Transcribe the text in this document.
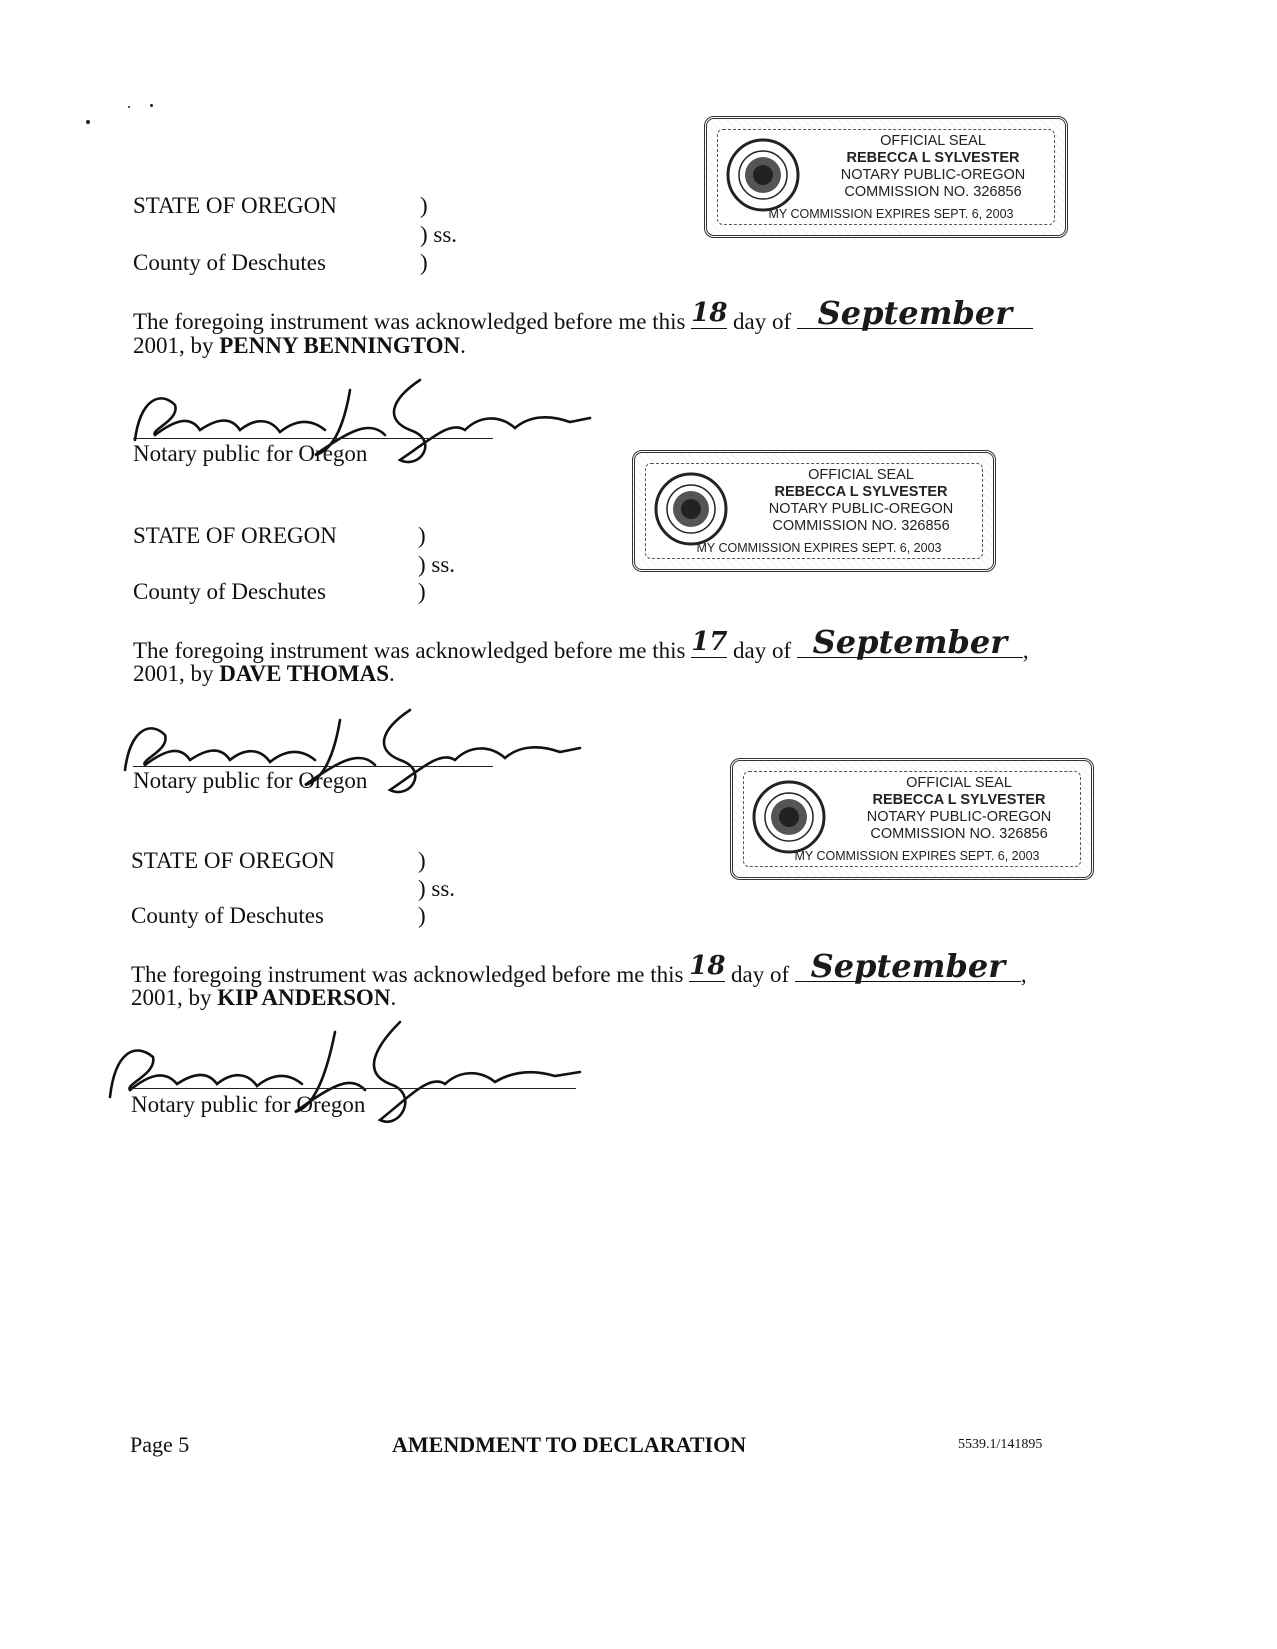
OFFICIAL SEAL
REBECCA L SYLVESTER
NOTARY PUBLIC-OREGON
COMMISSION NO. 326856
MY COMMISSION EXPIRES SEPT. 6, 2003
OFFICIAL SEAL
REBECCA L SYLVESTER
NOTARY PUBLIC-OREGON
COMMISSION NO. 326856
MY COMMISSION EXPIRES SEPT. 6, 2003
OFFICIAL SEAL
REBECCA L SYLVESTER
NOTARY PUBLIC-OREGON
COMMISSION NO. 326856
MY COMMISSION EXPIRES SEPT. 6, 2003
STATE OF OREGON	)
) ss.
County of Deschutes	)
The foregoing instrument was acknowledged before me this 18 day of September
2001, by PENNY BENNINGTON.
Notary public for Oregon
STATE OF OREGON	)
) ss.
County of Deschutes	)
The foregoing instrument was acknowledged before me this 17 day of September ,
2001, by DAVE THOMAS.
Notary public for Oregon
STATE OF OREGON	)
) ss.
County of Deschutes	)
The foregoing instrument was acknowledged before me this 18 day of September ,
2001, by KIP ANDERSON.
Notary public for Oregon
Page 5	AMENDMENT TO DECLARATION	5539.1/141895
